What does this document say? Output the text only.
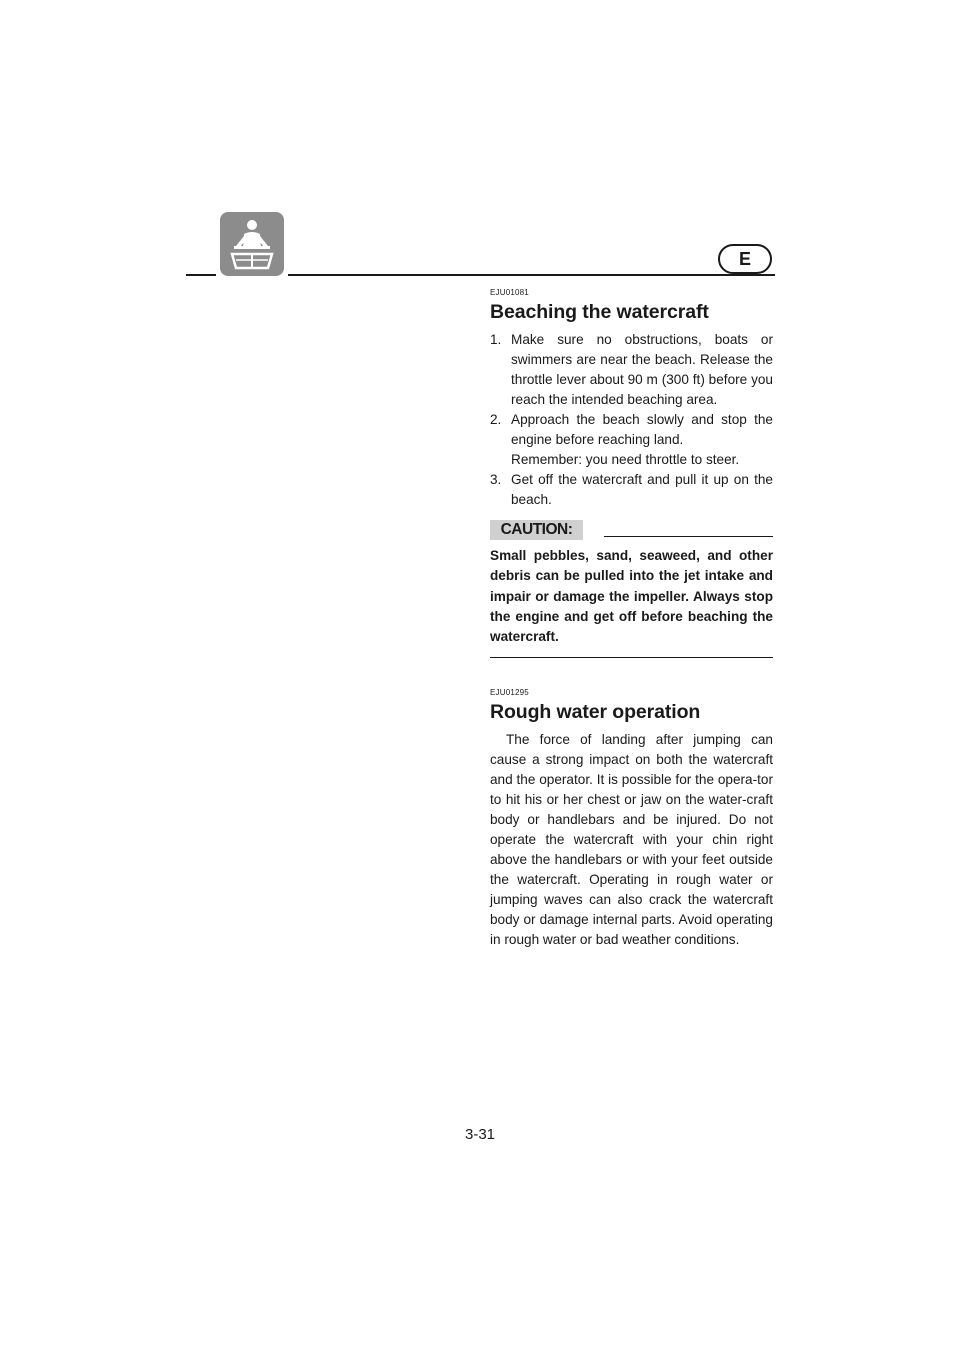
E

EJU01081

Beaching the watercraft
1. Make sure no obstructions, boats or swimmers are near the beach. Release the throttle lever about 90 m (300 ft) before you reach the intended beaching area.
2. Approach the beach slowly and stop the engine before reaching land.
Remember: you need throttle to steer.
3. Get off the watercraft and pull it up on the beach.
CAUTION:

Small pebbles, sand, seaweed, and other debris can be pulled into the jet intake and impair or damage the impeller. Always stop the engine and get off before beaching the watercraft.

EJU01295

Rough water operation

The force of landing after jumping can cause a strong impact on both the watercraft and the operator. It is possible for the opera-tor to hit his or her chest or jaw on the water-craft body or handlebars and be injured. Do not operate the watercraft with your chin right above the handlebars or with your feet outside the watercraft. Operating in rough water or jumping waves can also crack the watercraft body or damage internal parts. Avoid operating in rough water or bad weather conditions.

3-31
